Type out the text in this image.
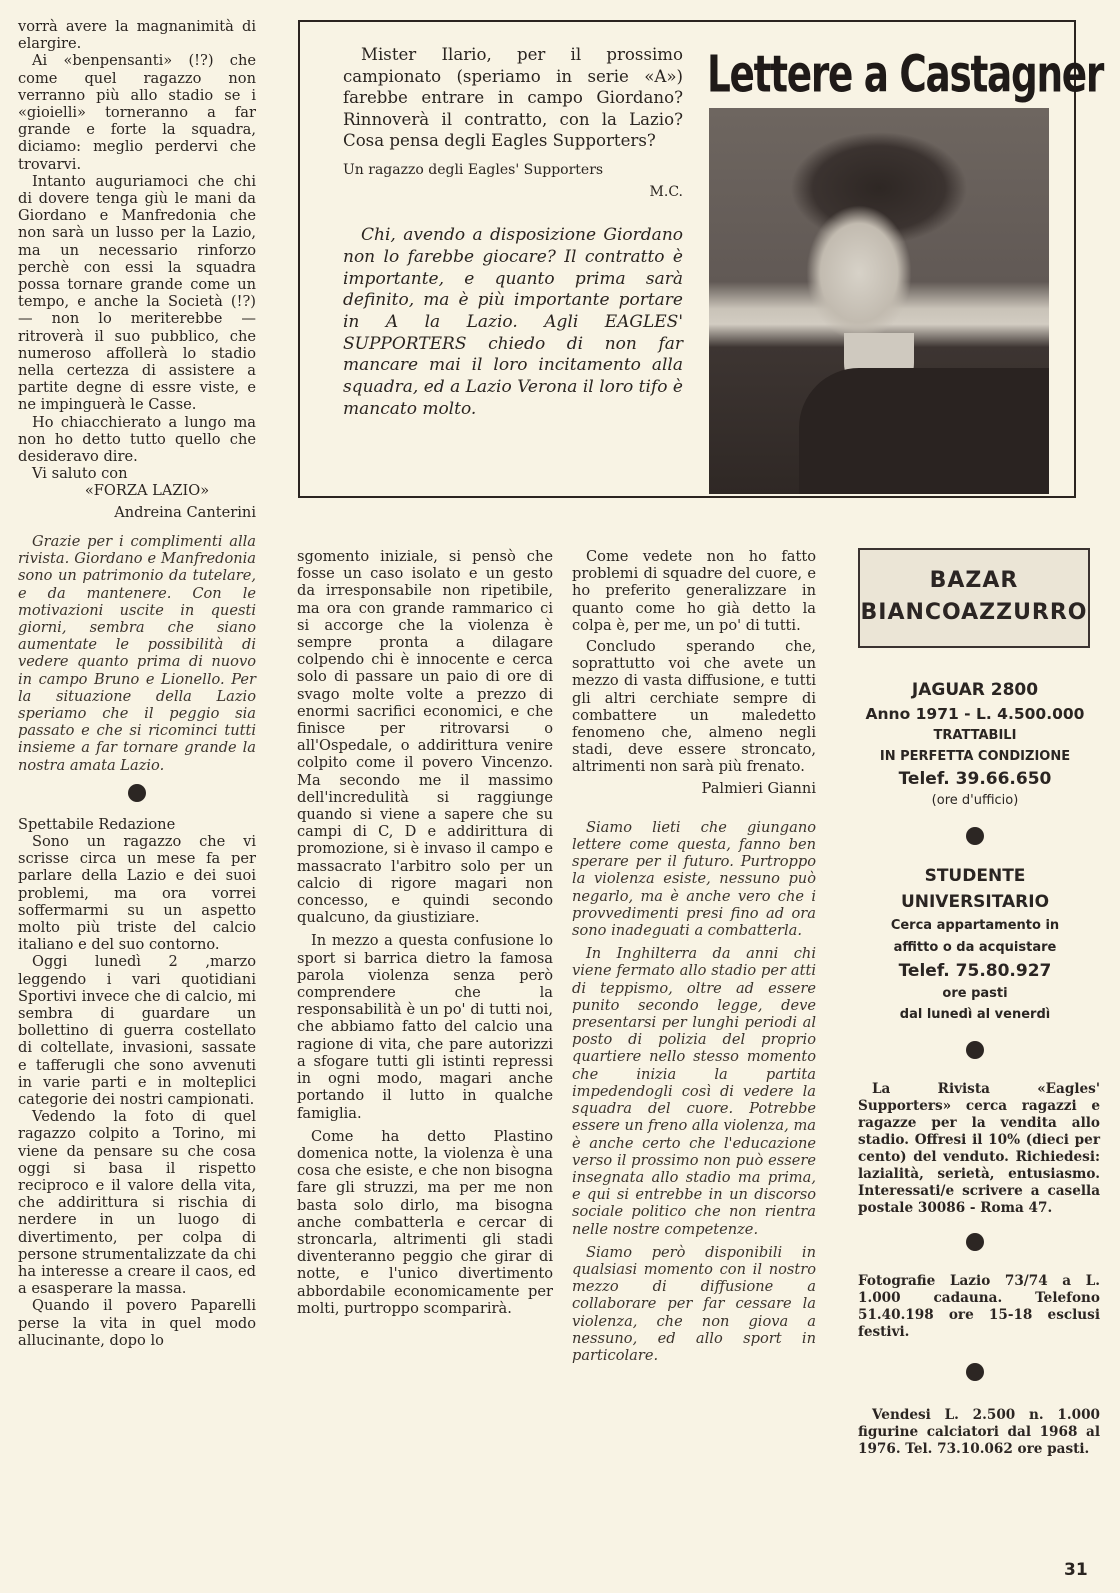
vorrà avere la magnanimità di elargire.

Ai «benpensanti» (!?) che come quel ragazzo non verranno più allo stadio se i «gioielli» torneranno a far grande e forte la squadra, diciamo: meglio perdervi che trovarvi.

Intanto auguriamoci che chi di dovere tenga giù le mani da Giordano e Manfredonia che non sarà un lusso per la Lazio, ma un necessario rinforzo perchè con essi la squadra possa tornare grande come un tempo, e anche la Società (!?) — non lo meriterebbe — ritroverà il suo pubblico, che numeroso affollerà lo stadio nella certezza di assistere a partite degne di essre viste, e ne impinguerà le Casse.

Ho chiacchierato a lungo ma non ho detto tutto quello che desideravo dire.

Vi saluto con

«FORZA LAZIO»

Andreina Canterini

Grazie per i complimenti alla rivista. Giordano e Manfredonia sono un patrimonio da tutelare, e da mantenere. Con le motivazioni uscite in questi giorni, sembra che siano aumentate le possibilità di vedere quanto prima di nuovo in campo Bruno e Lionello. Per la situazione della Lazio speriamo che il peggio sia passato e che si ricominci tutti insieme a far tornare grande la nostra amata Lazio.

Spettabile Redazione

Sono un ragazzo che vi scrisse circa un mese fa per parlare della Lazio e dei suoi problemi, ma ora vorrei soffermarmi su un aspetto molto più triste del calcio italiano e del suo contorno.

Oggi lunedì 2 ,marzo leggendo i vari quotidiani Sportivi invece che di calcio, mi sembra di guardare un bollettino di guerra costellato di coltellate, invasioni, sassate e tafferugli che sono avvenuti in varie parti e in molteplici categorie dei nostri campionati.

Vedendo la foto di quel ragazzo colpito a Torino, mi viene da pensare su che cosa oggi si basa il rispetto reciproco e il valore della vita, che addirittura si rischia di nerdere in un luogo di divertimento, per colpa di persone strumentalizzate da chi ha interesse a creare il caos, ed a esasperare la massa.

Quando il povero Paparelli perse la vita in quel modo allucinante, dopo lo

Mister Ilario, per il prossimo campionato (speriamo in serie «A») farebbe entrare in campo Giordano? Rinnoverà il contratto, con la Lazio? Cosa pensa degli Eagles Supporters?

Un ragazzo degli Eagles' Supporters

M.C.

Chi, avendo a disposizione Giordano non lo farebbe giocare? Il contratto è importante, e quanto prima sarà definito, ma è più importante portare in A la Lazio. Agli EAGLES' SUPPORTERS chiedo di non far mancare mai il loro incitamento alla squadra, ed a Lazio Verona il loro tifo è mancato molto.

Lettere a Castagner

sgomento iniziale, si pensò che fosse un caso isolato e un gesto da irresponsabile non ripetibile, ma ora con grande rammarico ci si accorge che la violenza è sempre pronta a dilagare colpendo chi è innocente e cerca solo di passare un paio di ore di svago molte volte a prezzo di enormi sacrifici economici, e che finisce per ritrovarsi o all'Ospedale, o addirittura venire colpito come il povero Vincenzo. Ma secondo me il massimo dell'incredulità si raggiunge quando si viene a sapere che su campi di C, D e addirittura di promozione, si è invaso il campo e massacrato l'arbitro solo per un calcio di rigore magari non concesso, e quindi secondo qualcuno, da giustiziare.

In mezzo a questa confusione lo sport si barrica dietro la famosa parola violenza senza però comprendere che la responsabilità è un po' di tutti noi, che abbiamo fatto del calcio una ragione di vita, che pare autorizzi a sfogare tutti gli istinti repressi in ogni modo, magari anche portando il lutto in qualche famiglia.

Come ha detto Plastino domenica notte, la violenza è una cosa che esiste, e che non bisogna fare gli struzzi, ma per me non basta solo dirlo, ma bisogna anche combatterla e cercar di stroncarla, altrimenti gli stadi diventeranno peggio che girar di notte, e l'unico divertimento abbordabile economicamente per molti, purtroppo scomparirà.

Come vedete non ho fatto problemi di squadre del cuore, e ho preferito generalizzare in quanto come ho già detto la colpa è, per me, un po' di tutti.

Concludo sperando che, soprattutto voi che avete un mezzo di vasta diffusione, e tutti gli altri cerchiate sempre di combattere un maledetto fenomeno che, almeno negli stadi, deve essere stroncato, altrimenti non sarà più frenato.

Palmieri Gianni

Siamo lieti che giungano lettere come questa, fanno ben sperare per il futuro. Purtroppo la violenza esiste, nessuno può negarlo, ma è anche vero che i provvedimenti presi fino ad ora sono inadeguati a combatterla.

In Inghilterra da anni chi viene fermato allo stadio per atti di teppismo, oltre ad essere punito secondo legge, deve presentarsi per lunghi periodi al posto di polizia del proprio quartiere nello stesso momento che inizia la partita impedendogli così di vedere la squadra del cuore. Potrebbe essere un freno alla violenza, ma è anche certo che l'educazione verso il prossimo non può essere insegnata allo stadio ma prima, e qui si entrebbe in un discorso sociale politico che non rientra nelle nostre competenze.

Siamo però disponibili in qualsiasi momento con il nostro mezzo di diffusione a collaborare per far cessare la violenza, che non giova a nessuno, ed allo sport in particolare.

BAZAR
BIANCOAZZURRO
JAGUAR 2800
Anno 1971 - L. 4.500.000
TRATTABILI
IN PERFETTA CONDIZIONE
Telef. 39.66.650
(ore d'ufficio)
STUDENTE
UNIVERSITARIO
Cerca appartamento in
affitto o da acquistare
Telef. 75.80.927
ore pasti
dal lunedì al venerdì

La Rivista «Eagles' Supporters» cerca ragazzi e ragazze per la vendita allo stadio. Offresi il 10% (dieci per cento) del venduto. Richiedesi: lazialità, serietà, entusiasmo. Interessati/e scrivere a casella postale 30086 - Roma 47.

Fotografie Lazio 73/74 a L. 1.000 cadauna. Telefono 51.40.198 ore 15-18 esclusi festivi.

Vendesi L. 2.500 n. 1.000 figurine calciatori dal 1968 al 1976. Tel. 73.10.062 ore pasti.

31
